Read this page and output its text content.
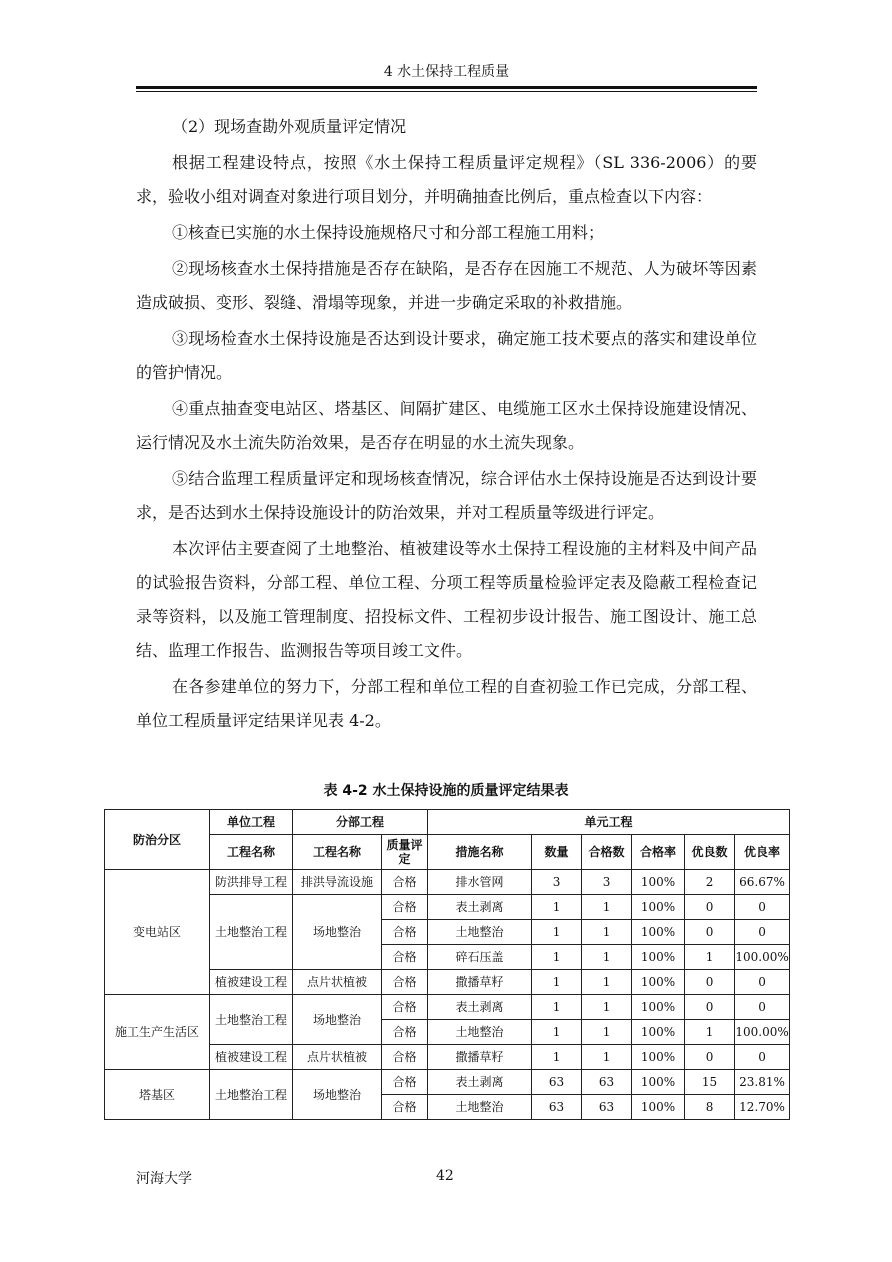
4 水土保持工程质量

（2）现场查勘外观质量评定情况

根据工程建设特点，按照《水土保持工程质量评定规程》（SL 336-2006）的要求，验收小组对调查对象进行项目划分，并明确抽查比例后，重点检查以下内容：

①核查已实施的水土保持设施规格尺寸和分部工程施工用料；

②现场核查水土保持措施是否存在缺陷，是否存在因施工不规范、人为破坏等因素造成破损、变形、裂缝、滑塌等现象，并进一步确定采取的补救措施。

③现场检查水土保持设施是否达到设计要求，确定施工技术要点的落实和建设单位的管护情况。

④重点抽查变电站区、塔基区、间隔扩建区、电缆施工区水土保持设施建设情况、运行情况及水土流失防治效果，是否存在明显的水土流失现象。

⑤结合监理工程质量评定和现场核查情况，综合评估水土保持设施是否达到设计要求，是否达到水土保持设施设计的防治效果，并对工程质量等级进行评定。

本次评估主要查阅了土地整治、植被建设等水土保持工程设施的主材料及中间产品的试验报告资料，分部工程、单位工程、分项工程等质量检验评定表及隐蔽工程检查记录等资料，以及施工管理制度、招投标文件、工程初步设计报告、施工图设计、施工总结、监理工作报告、监测报告等项目竣工文件。

在各参建单位的努力下，分部工程和单位工程的自查初验工作已完成，分部工程、单位工程质量评定结果详见表 4-2。

表 4-2 水土保持设施的质量评定结果表
防治分区	单位工程	分部工程		单元工程					
	工程名称	工程名称	质量评定	措施名称	数量	合格数	合格率	优良数	优良率
变电站区	防洪排导工程	排洪导流设施	合格	排水管网	3	3	100%	2	66.67%
	土地整治工程	场地整治	合格	表土剥离	1	1	100%	0	0
			合格	土地整治	1	1	100%	0	0
			合格	碎石压盖	1	1	100%	1	100.00%
	植被建设工程	点片状植被	合格	撒播草籽	1	1	100%	0	0
施工生产生活区	土地整治工程	场地整治	合格	表土剥离	1	1	100%	0	0
			合格	土地整治	1	1	100%	1	100.00%
	植被建设工程	点片状植被	合格	撒播草籽	1	1	100%	0	0
塔基区	土地整治工程	场地整治	合格	表土剥离	63	63	100%	15	23.81%
			合格	土地整治	63	63	100%	8	12.70%
河海大学	42
